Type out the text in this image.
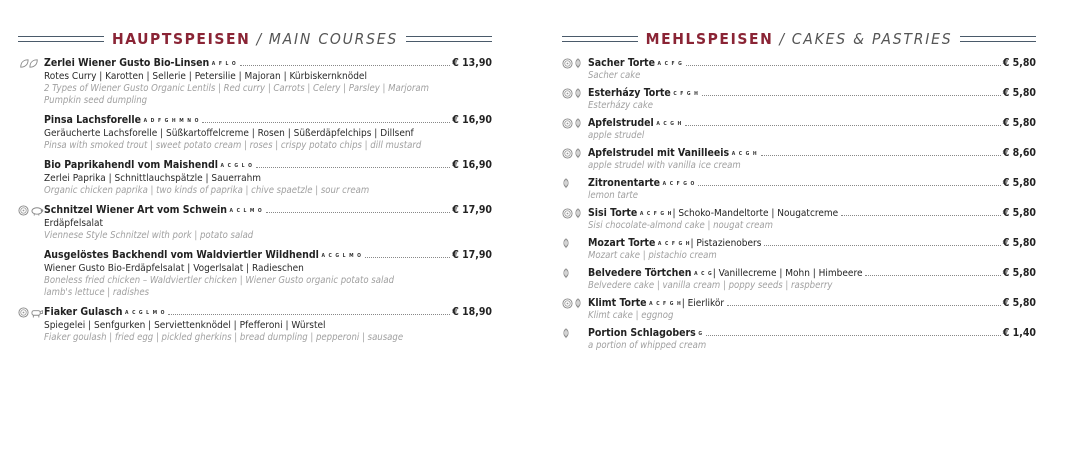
HAUPTSPEISEN / MAIN COURSES
Zerlei Wiener Gusto Bio-Linsen A F L O	€ 13,90
Rotes Curry | Karotten | Sellerie | Petersilie | Majoran | Kürbiskernknödel
2 Types of Wiener Gusto Organic Lentils | Red curry | Carrots | Celery | Parsley | Marjoram
Pumpkin seed dumpling
Pinsa Lachsforelle A D F G H M N O	€ 16,90
Geräucherte Lachsforelle | Süßkartoffelcreme | Rosen | Süßerdäpfelchips | Dillsenf
Pinsa with smoked trout | sweet potato cream | roses | crispy potato chips | dill mustard
Bio Paprikahendl vom Maishendl A C G L O	€ 16,90
Zerlei Paprika | Schnittlauchspätzle | Sauerrahm
Organic chicken paprika | two kinds of paprika | chive spaetzle | sour cream
Schnitzel Wiener Art vom Schwein A C L M O	€ 17,90
Erdäpfelsalat
Viennese Style Schnitzel with pork | potato salad
Ausgelöstes Backhendl vom Waldviertler Wildhendl A C G L M O	€ 17,90
Wiener Gusto Bio-Erdäpfelsalat | Vogerlsalat | Radieschen
Boneless fried chicken – Waldviertler chicken | Wiener Gusto organic potato salad
lamb's lettuce | radishes
Fiaker Gulasch A C G L M O	€ 18,90
Spiegelei | Senfgurken | Serviettenknödel | Pfefferoni | Würstel
Fiaker goulash | fried egg | pickled gherkins | bread dumpling | pepperoni | sausage
MEHLSPEISEN / CAKES & PASTRIES
Sacher Torte A C F G	€ 5,80
Sacher cake
Esterházy Torte C F G H	€ 5,80
Esterházy cake
Apfelstrudel A C G H	€ 5,80
apple strudel
Apfelstrudel mit Vanilleeis A C G H	€ 8,60
apple strudel with vanilla ice cream
Zitronentarte A C F G O	€ 5,80
lemon tarte
Sisi Torte A C F G H | Schoko-Mandeltorte | Nougatcreme	€ 5,80
Sisi chocolate-almond cake | nougat cream
Mozart Torte A C F G H | Pistazienobers	€ 5,80
Mozart cake | pistachio cream
Belvedere Törtchen A C G | Vanillecreme | Mohn | Himbeere	€ 5,80
Belvedere cake | vanilla cream | poppy seeds | raspberry
Klimt Torte A C F G H | Eierlikör	€ 5,80
Klimt cake | eggnog
Portion Schlagobers G	€ 1,40
a portion of whipped cream
